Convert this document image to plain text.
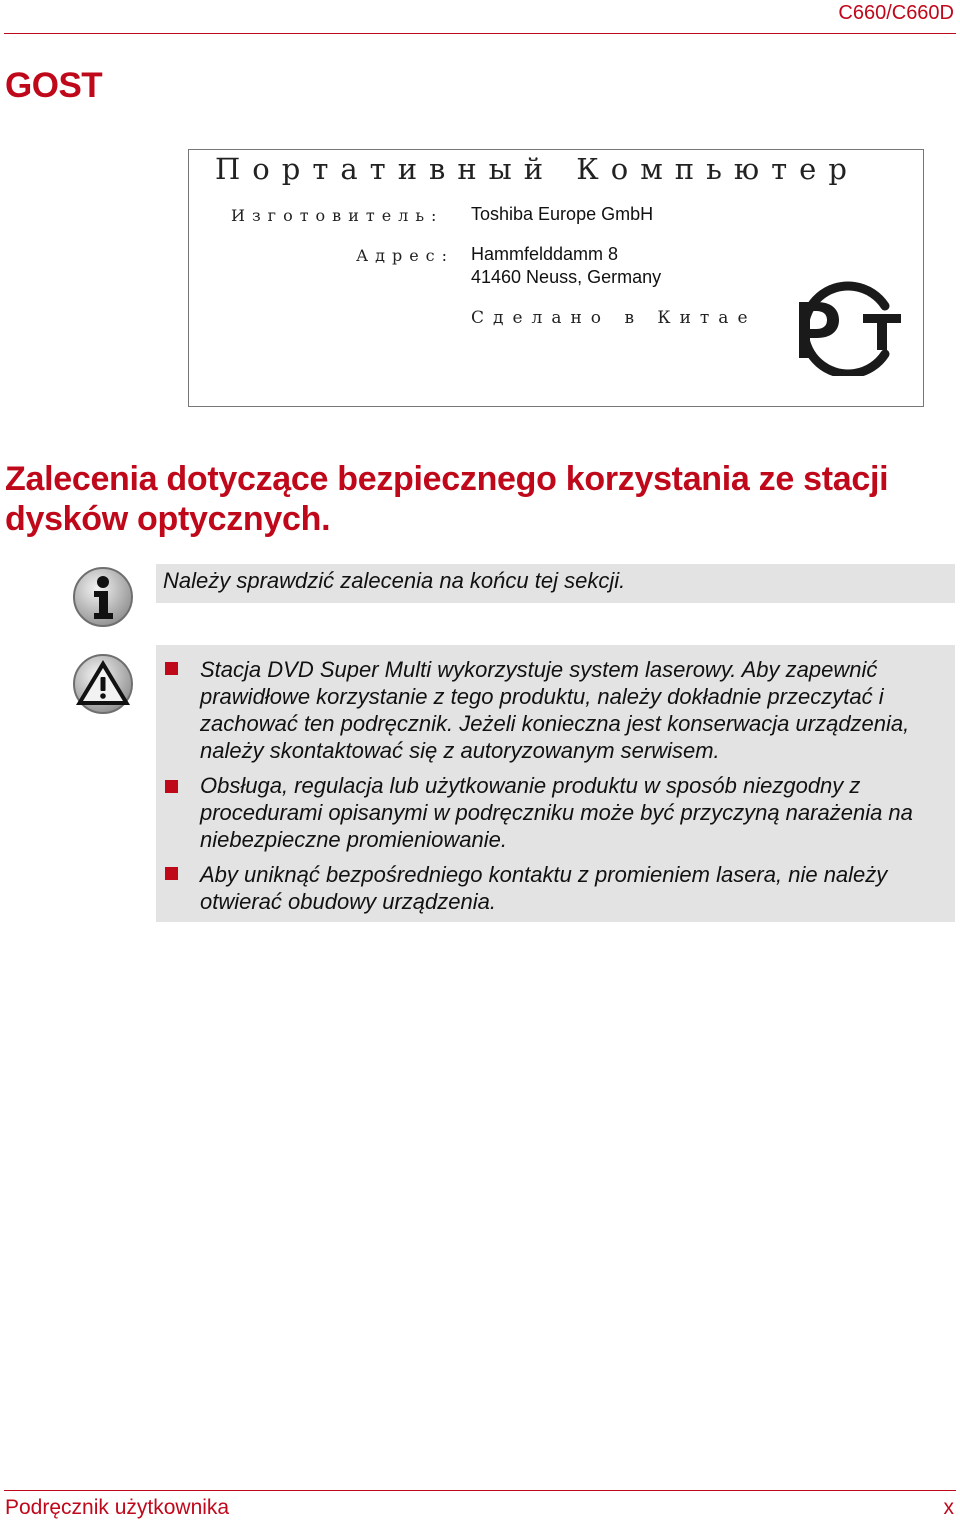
C660/C660D
GOST
Портативный Компьютер
Изготовитель: Toshiba Europe GmbH
Адрес: Hammfelddamm 8
41460 Neuss, Germany
Сделано в Китае
Zalecenia dotyczące bezpiecznego korzystania ze stacji dysków optycznych.
Należy sprawdzić zalecenia na końcu tej sekcji.
Stacja DVD Super Multi wykorzystuje system laserowy. Aby zapewnić prawidłowe korzystanie z tego produktu, należy dokładnie przeczytać i zachować ten podręcznik. Jeżeli konieczna jest konserwacja urządzenia, należy skontaktować się z autoryzowanym serwisem.
Obsługa, regulacja lub użytkowanie produktu w sposób niezgodny z procedurami opisanymi w podręczniku może być przyczyną narażenia na niebezpieczne promieniowanie.
Aby uniknąć bezpośredniego kontaktu z promieniem lasera, nie należy otwierać obudowy urządzenia.
Podręcznik użytkownika	x
